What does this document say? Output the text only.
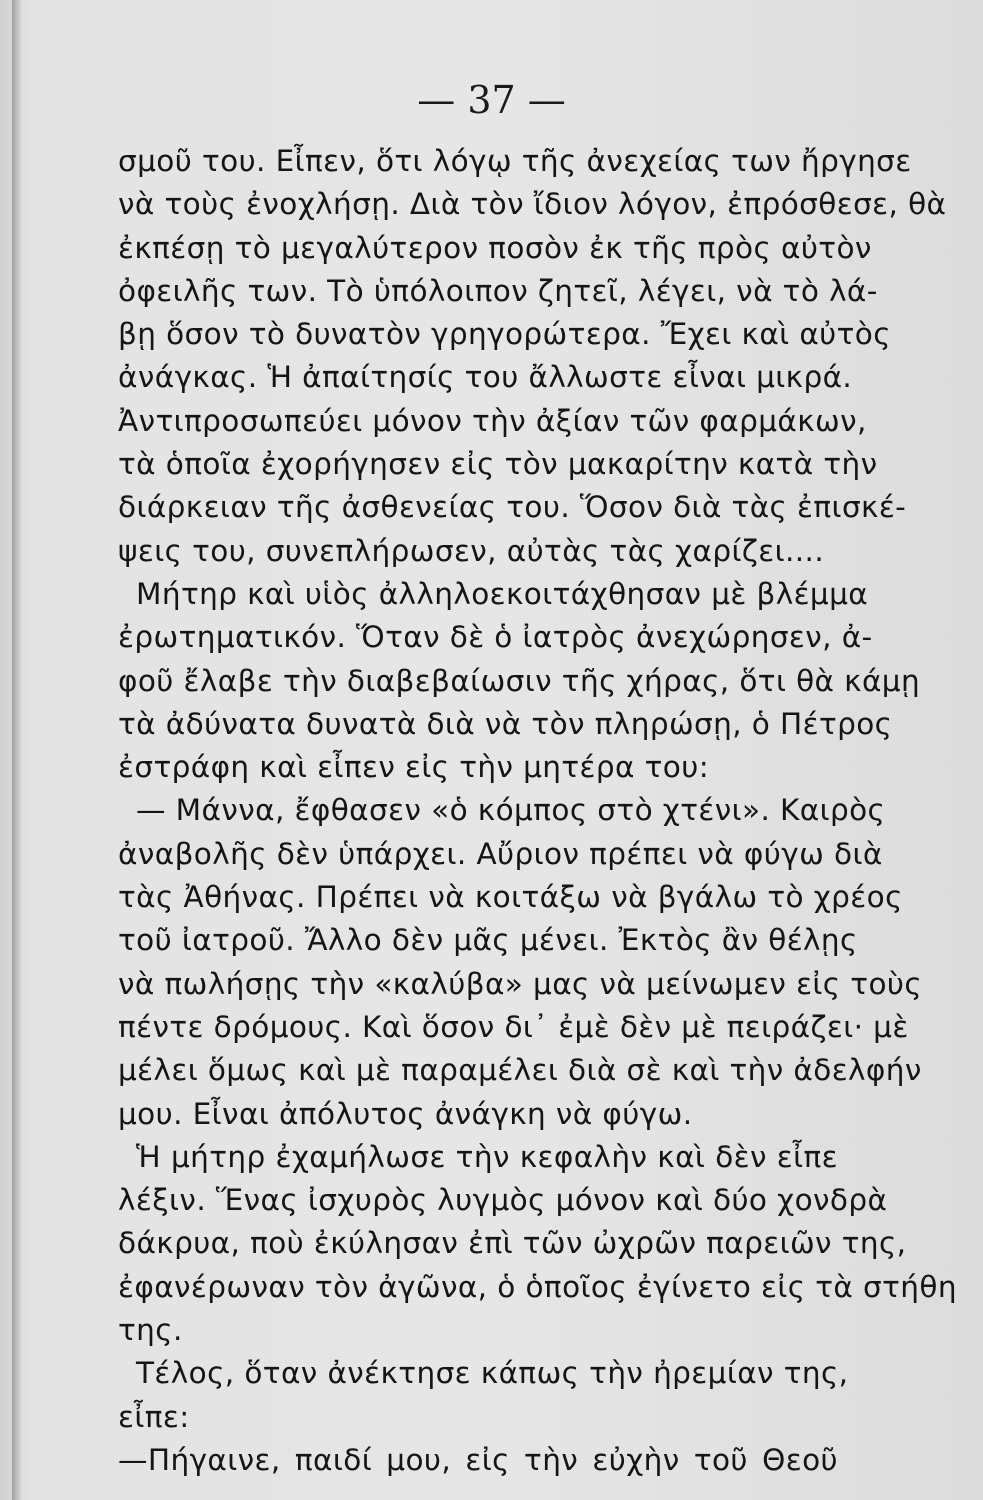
— 37 —
σμοῦ του. Εἶπεν, ὅτι λόγῳ τῆς ἀνεχείας των ἤργησε
νὰ τοὺς ἐνοχλήσῃ. Διὰ τὸν ἴδιον λόγον, ἐπρόσθεσε, θὰ
ἐκπέσῃ τὸ μεγαλύτερον ποσὸν ἐκ τῆς πρὸς αὐτὸν
ὀφειλῆς των. Τὸ ὑπόλοιπον ζητεῖ, λέγει, νὰ τὸ λά-
βῃ ὅσον τὸ δυνατὸν γρηγορώτερα. Ἔχει καὶ αὐτὸς
ἀνάγκας. Ἡ ἀπαίτησίς του ἄλλωστε εἶναι μικρά.
Ἀντιπροσωπεύει μόνον τὴν ἀξίαν τῶν φαρμάκων,
τὰ ὁποῖα ἐχορήγησεν εἰς τὸν μακαρίτην κατὰ τὴν
διάρκειαν τῆς ἀσθενείας του. Ὅσον διὰ τὰς ἐπισκέ-
ψεις του, συνεπλήρωσεν, αὐτὰς τὰς χαρίζει....
Μήτηρ καὶ υἱὸς ἀλληλοεκοιτάχθησαν μὲ βλέμμα
ἐρωτηματικόν. Ὅταν δὲ ὁ ἰατρὸς ἀνεχώρησεν, ἀ-
φοῦ ἔλαβε τὴν διαβεβαίωσιν τῆς χήρας, ὅτι θὰ κάμῃ
τὰ ἀδύνατα δυνατὰ διὰ νὰ τὸν πληρώσῃ, ὁ Πέτρος
ἐστράφη καὶ εἶπεν εἰς τὴν μητέρα του:
— Μάννα, ἔφθασεν «ὁ κόμπος στὸ χτένι». Καιρὸς
ἀναβολῆς δὲν ὑπάρχει. Αὔριον πρέπει νὰ φύγω διὰ
τὰς Ἀθήνας. Πρέπει νὰ κοιτάξω νὰ βγάλω τὸ χρέος
τοῦ ἰατροῦ. Ἄλλο δὲν μᾶς μένει. Ἐκτὸς ἂν θέλῃς
νὰ πωλήσῃς τὴν «καλύβα» μας νὰ μείνωμεν εἰς τοὺς
πέντε δρόμους. Καὶ ὅσον δι᾽ ἐμὲ δὲν μὲ πειράζει· μὲ
μέλει ὅμως καὶ μὲ παραμέλει διὰ σὲ καὶ τὴν ἀδελφήν
μου. Εἶναι ἀπόλυτος ἀνάγκη νὰ φύγω.
Ἡ μήτηρ ἐχαμήλωσε τὴν κεφαλὴν καὶ δὲν εἶπε
λέξιν. Ἕνας ἰσχυρὸς λυγμὸς μόνον καὶ δύο χονδρὰ
δάκρυα, ποὺ ἐκύλησαν ἐπὶ τῶν ὠχρῶν παρειῶν της,
ἐφανέρωναν τὸν ἀγῶνα, ὁ ὁποῖος ἐγίνετο εἰς τὰ στήθη
της.
Τέλος, ὅταν ἀνέκτησε κάπως τὴν ἠρεμίαν της,
εἶπε:
—Πήγαινε, παιδί μου, εἰς τὴν εὐχὴν τοῦ Θεοῦ
